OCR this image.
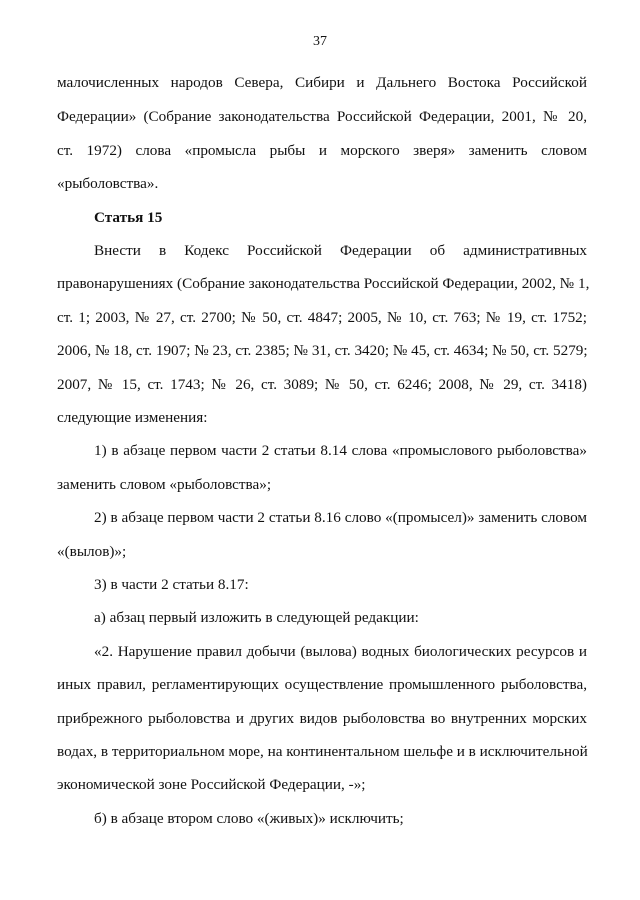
37
малочисленных народов Севера, Сибири и Дальнего Востока Российской
Федерации» (Собрание законодательства Российской Федерации, 2001, № 20,
ст. 1972) слова «промысла рыбы и морского зверя» заменить словом
«рыболовства».
Статья 15
Внести в Кодекс Российской Федерации об административных
правонарушениях (Собрание законодательства Российской Федерации, 2002, № 1,
ст. 1; 2003, № 27, ст. 2700; № 50, ст. 4847; 2005, № 10, ст. 763; № 19, ст. 1752;
2006, № 18, ст. 1907; № 23, ст. 2385; № 31, ст. 3420; № 45, ст. 4634; № 50, ст. 5279;
2007, № 15, ст. 1743; № 26, ст. 3089; № 50, ст. 6246; 2008, № 29, ст. 3418)
следующие изменения:
1) в абзаце первом части 2 статьи 8.14 слова «промыслового рыболовства»
заменить словом «рыболовства»;
2) в абзаце первом части 2 статьи 8.16 слово «(промысел)» заменить словом
«(вылов)»;
3) в части 2 статьи 8.17:
а) абзац первый изложить в следующей редакции:
«2. Нарушение правил добычи (вылова) водных биологических ресурсов и
иных правил, регламентирующих осуществление промышленного рыболовства,
прибрежного рыболовства и других видов рыболовства во внутренних морских
водах, в территориальном море, на континентальном шельфе и в исключительной
экономической зоне Российской Федерации, -»;
б) в абзаце втором слово «(живых)» исключить;
